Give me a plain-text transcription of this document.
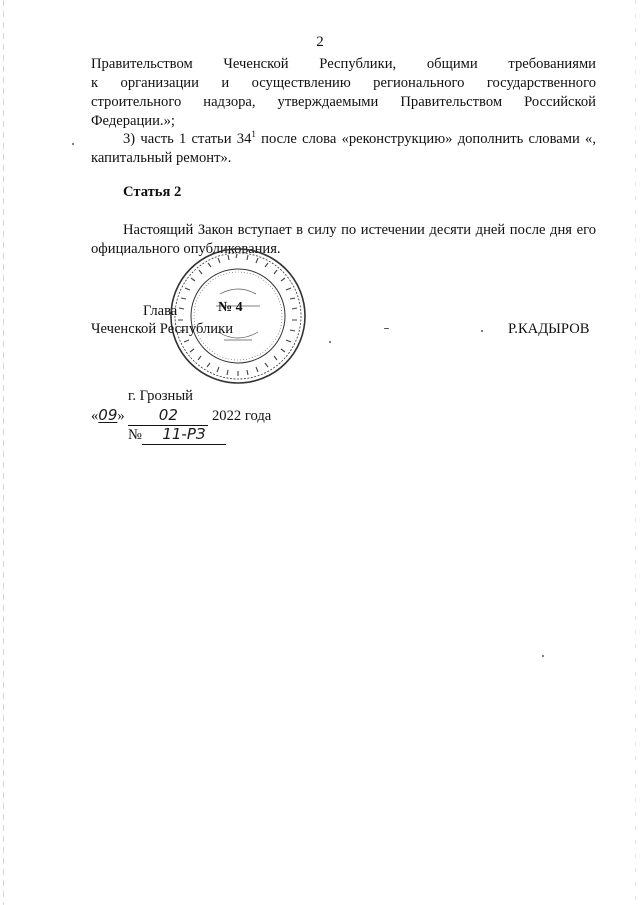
2
Правительством Чеченской Республики, общими требованиями
к организации и осуществлению регионального государственного
строительного надзора, утверждаемыми Правительством Российской
Федерации.»;
3) часть 1 статьи $34^1$ после слова «реконструкцию» дополнить словами «, капитальный ремонт».
Статья 2
Настоящий Закон вступает в силу по истечении десяти дней после дня его официального опубликования.
№ 4
Глава
Чеченской Республики	Р.КАДЫРОВ
г. Грозный
«09» 02 2022 года
№ 11-РЗ
